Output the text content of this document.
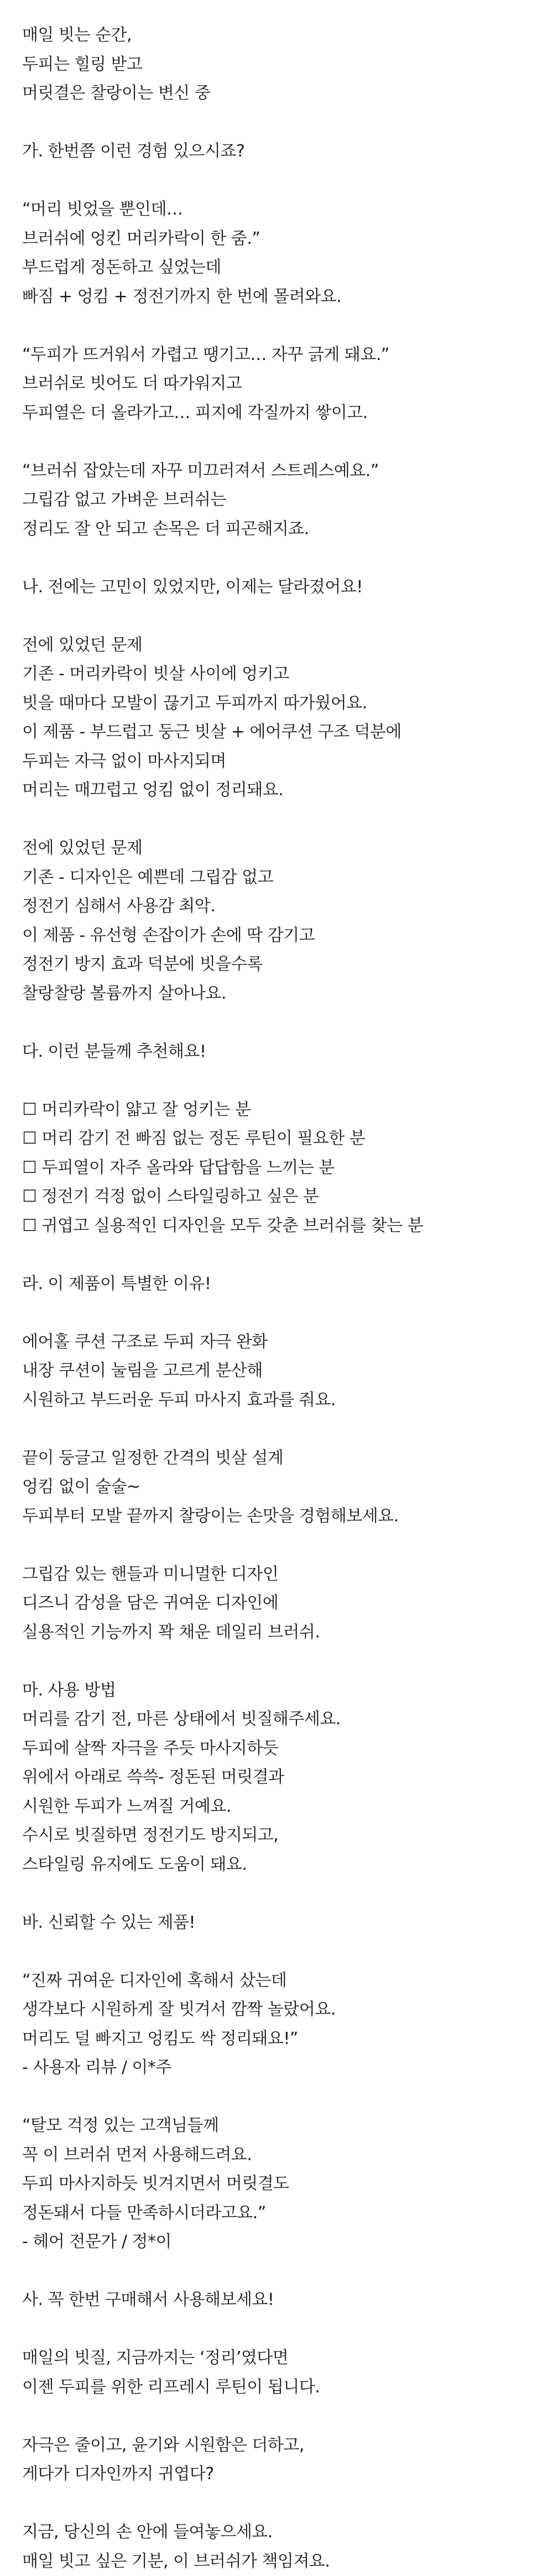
매일 빗는 순간,
두피는 힐링 받고
머릿결은 찰랑이는 변신 중

가. 한번쯤 이런 경험 있으시죠?

“머리 빗었을 뿐인데…
브러쉬에 엉킨 머리카락이 한 줌.”
부드럽게 정돈하고 싶었는데
빠짐 + 엉킴 + 정전기까지 한 번에 몰려와요.

“두피가 뜨거워서 가렵고 땡기고… 자꾸 긁게 돼요.”
브러쉬로 빗어도 더 따가워지고
두피열은 더 올라가고… 피지에 각질까지 쌓이고.

“브러쉬 잡았는데 자꾸 미끄러져서 스트레스예요.”
그립감 없고 가벼운 브러쉬는
정리도 잘 안 되고 손목은 더 피곤해지죠.

나. 전에는 고민이 있었지만, 이제는 달라졌어요!

전에 있었던 문제
기존 - 머리카락이 빗살 사이에 엉키고
빗을 때마다 모발이 끊기고 두피까지 따가웠어요.
이 제품 - 부드럽고 둥근 빗살 + 에어쿠션 구조 덕분에
두피는 자극 없이 마사지되며
머리는 매끄럽고 엉킴 없이 정리돼요.

전에 있었던 문제
기존 - 디자인은 예쁜데 그립감 없고
정전기 심해서 사용감 최악.
이 제품 - 유선형 손잡이가 손에 딱 감기고
정전기 방지 효과 덕분에 빗을수록
찰랑찰랑 볼륨까지 살아나요.

다. 이런 분들께 추천해요!

☐ 머리카락이 얇고 잘 엉키는 분
☐ 머리 감기 전 빠짐 없는 정돈 루틴이 필요한 분
☐ 두피열이 자주 올라와 답답함을 느끼는 분
☐ 정전기 걱정 없이 스타일링하고 싶은 분
☐ 귀엽고 실용적인 디자인을 모두 갖춘 브러쉬를 찾는 분

라. 이 제품이 특별한 이유!

에어홀 쿠션 구조로 두피 자극 완화
내장 쿠션이 눌림을 고르게 분산해
시원하고 부드러운 두피 마사지 효과를 줘요.

끝이 둥글고 일정한 간격의 빗살 설계
엉킴 없이 술술~
두피부터 모발 끝까지 찰랑이는 손맛을 경험해보세요.

그립감 있는 핸들과 미니멀한 디자인
디즈니 감성을 담은 귀여운 디자인에
실용적인 기능까지 꽉 채운 데일리 브러쉬.

마. 사용 방법
머리를 감기 전, 마른 상태에서 빗질해주세요.
두피에 살짝 자극을 주듯 마사지하듯
위에서 아래로 쓱쓱- 정돈된 머릿결과
시원한 두피가 느껴질 거예요.
수시로 빗질하면 정전기도 방지되고,
스타일링 유지에도 도움이 돼요.

바. 신뢰할 수 있는 제품!

“진짜 귀여운 디자인에 혹해서 샀는데
생각보다 시원하게 잘 빗겨서 깜짝 놀랐어요.
머리도 덜 빠지고 엉킴도 싹 정리돼요!”
- 사용자 리뷰 / 이*주

“탈모 걱정 있는 고객님들께
꼭 이 브러쉬 먼저 사용해드려요.
두피 마사지하듯 빗겨지면서 머릿결도
정돈돼서 다들 만족하시더라고요.”
- 헤어 전문가 / 정*이

사. 꼭 한번 구매해서 사용해보세요!

매일의 빗질, 지금까지는 ‘정리’였다면
이젠 두피를 위한 리프레시 루틴이 됩니다.

자극은 줄이고, 윤기와 시원함은 더하고,
게다가 디자인까지 귀엽다?

지금, 당신의 손 안에 들여놓으세요.
매일 빗고 싶은 기분, 이 브러쉬가 책임져요.
